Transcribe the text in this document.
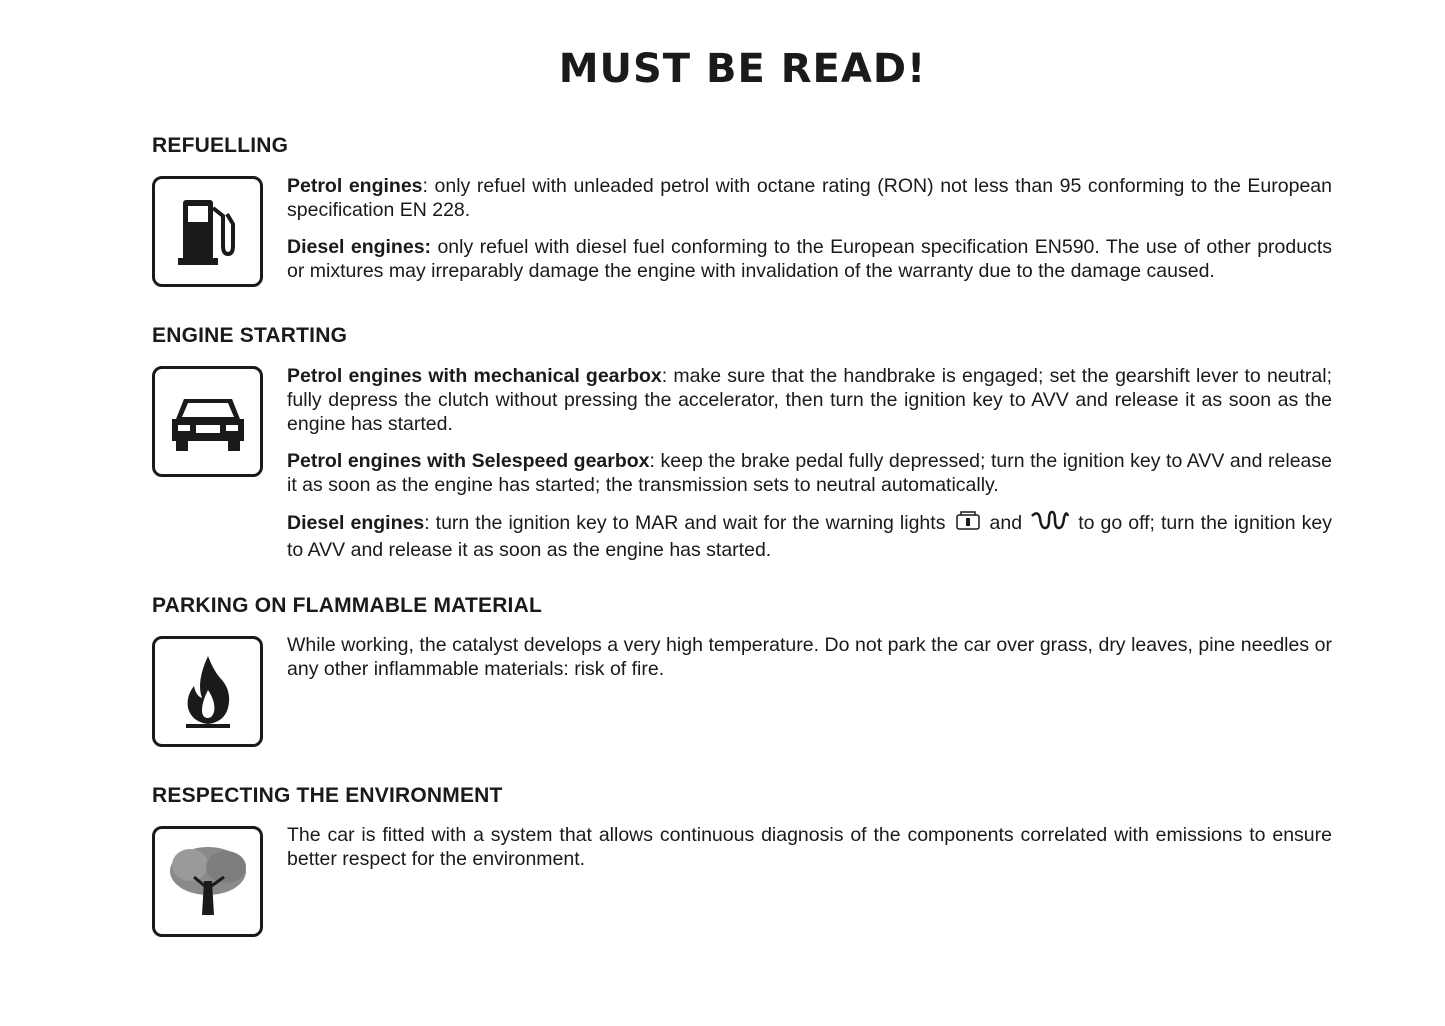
MUST BE READ!
REFUELLING

Petrol engines: only refuel with unleaded petrol with octane rating (RON) not less than 95 conforming to the European specification EN 228.

Diesel engines: only refuel with diesel fuel conforming to the European specification EN590. The use of other products or mixtures may irreparably damage the engine with invalidation of the warranty due to the damage caused.

ENGINE STARTING

Petrol engines with mechanical gearbox: make sure that the handbrake is engaged; set the gearshift lever to neutral; fully depress the clutch without pressing the accelerator, then turn the ignition key to AVV and release it as soon as the engine has started.

Petrol engines with Selespeed gearbox: keep the brake pedal fully depressed; turn the ignition key to AVV and release it as soon as the engine has started; the transmission sets to neutral automatically.

Diesel engines: turn the ignition key to MAR and wait for the warning lights and	to go off; turn the ignition key to AVV and release it as soon as the engine has started.

PARKING ON FLAMMABLE MATERIAL

While working, the catalyst develops a very high temperature. Do not park the car over grass, dry leaves, pine needles or any other inflammable materials: risk of fire.

RESPECTING THE ENVIRONMENT

The car is fitted with a system that allows continuous diagnosis of the components correlated with emissions to ensure better respect for the environment.
